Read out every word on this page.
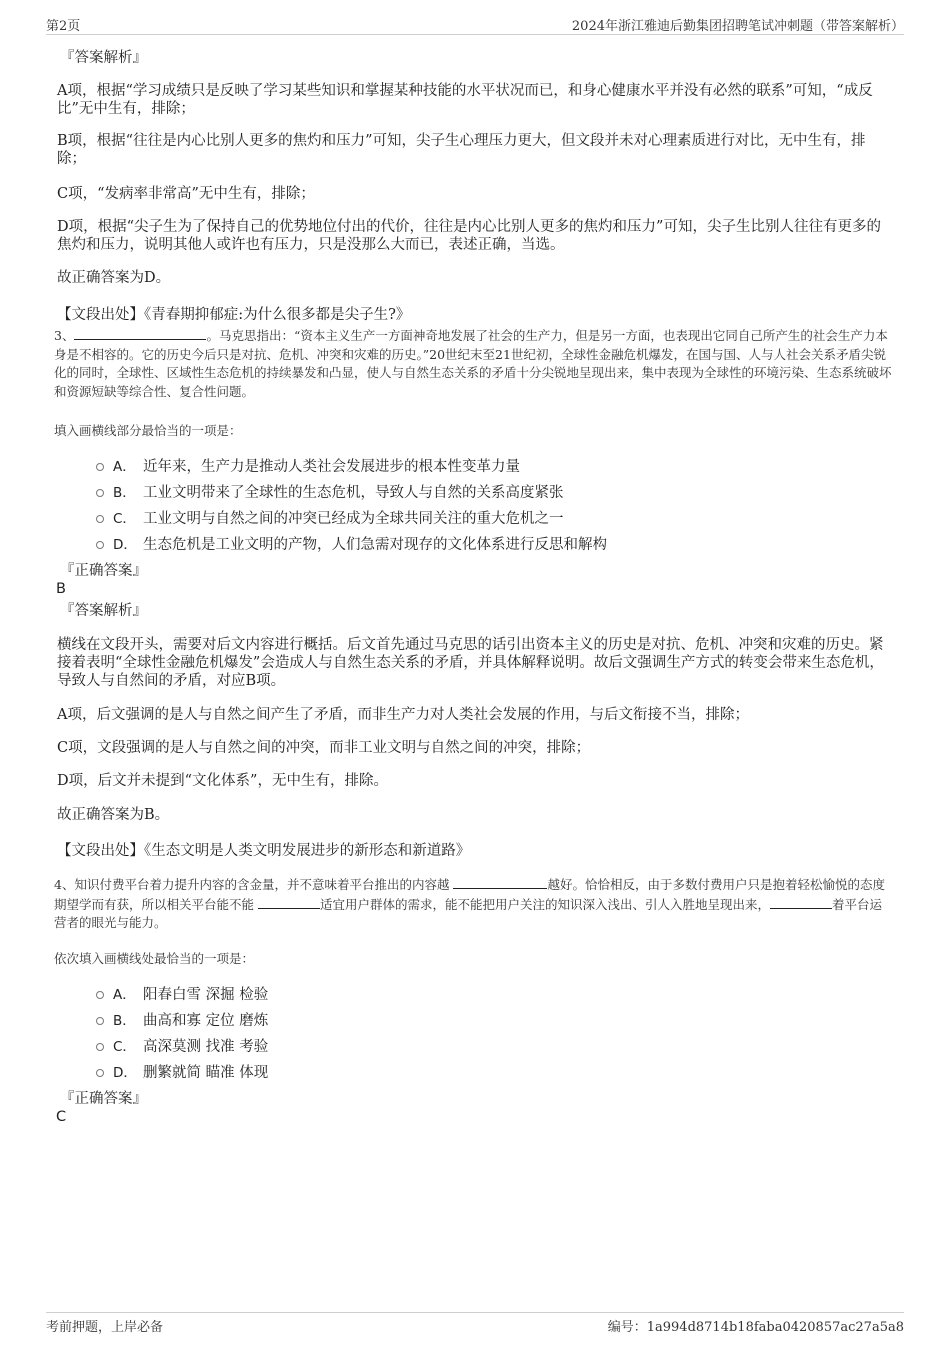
第2页	2024年浙江雅迪后勤集团招聘笔试冲刺题（带答案解析）
『答案解析』
A项，根据“学习成绩只是反映了学习某些知识和掌握某种技能的水平状况而已，和身心健康水平并没有必然的联系”可知，“成反比”无中生有，排除；
B项，根据“往往是内心比别人更多的焦灼和压力”可知，尖子生心理压力更大，但文段并未对心理素质进行对比，无中生有，排除；
C项，“发病率非常高”无中生有，排除；
D项，根据“尖子生为了保持自己的优势地位付出的代价，往往是内心比别人更多的焦灼和压力”可知，尖子生比别人往往有更多的焦灼和压力，说明其他人或许也有压力，只是没那么大而已，表述正确，当选。
故正确答案为D。
【文段出处】《青春期抑郁症:为什么很多都是尖子生?》
3、	。马克思指出：“资本主义生产一方面神奇地发展了社会的生产力，但是另一方面，也表现出它同自己所产生的社会生产力本身是不相容的。它的历史今后只是对抗、危机、冲突和灾难的历史。”20世纪末至21世纪初，全球性金融危机爆发，在国与国、人与人社会关系矛盾尖锐化的同时，全球性、区域性生态危机的持续暴发和凸显，使人与自然生态关系的矛盾十分尖锐地呈现出来，集中表现为全球性的环境污染、生态系统破坏和资源短缺等综合性、复合性问题。
填入画横线部分最恰当的一项是：
A． 近年来，生产力是推动人类社会发展进步的根本性变革力量
B． 工业文明带来了全球性的生态危机，导致人与自然的关系高度紧张
C． 工业文明与自然之间的冲突已经成为全球共同关注的重大危机之一
D． 生态危机是工业文明的产物，人们急需对现存的文化体系进行反思和解构
『正确答案』
B
『答案解析』
横线在文段开头，需要对后文内容进行概括。后文首先通过马克思的话引出资本主义的历史是对抗、危机、冲突和灾难的历史。紧接着表明“全球性金融危机爆发”会造成人与自然生态关系的矛盾，并具体解释说明。故后文强调生产方式的转变会带来生态危机，导致人与自然间的矛盾，对应B项。
A项，后文强调的是人与自然之间产生了矛盾，而非生产力对人类社会发展的作用，与后文衔接不当，排除；
C项，文段强调的是人与自然之间的冲突，而非工业文明与自然之间的冲突，排除；
D项，后文并未提到“文化体系”，无中生有，排除。
故正确答案为B。
【文段出处】《生态文明是人类文明发展进步的新形态和新道路》
4、知识付费平台着力提升内容的含金量，并不意味着平台推出的内容越	越好。恰恰相反，由于多数付费用户只是抱着轻松愉悦的态度期望学而有获，所以相关平台能不能	适宜用户群体的需求，能不能把用户关注的知识深入浅出、引人入胜地呈现出来，	着平台运营者的眼光与能力。
依次填入画横线处最恰当的一项是：
A． 阳春白雪 深掘 检验
B． 曲高和寡 定位 磨炼
C． 高深莫测 找准 考验
D． 删繁就简 瞄准 体现
『正确答案』
C
考前押题，上岸必备	编号：1a994d8714b18faba0420857ac27a5a8
